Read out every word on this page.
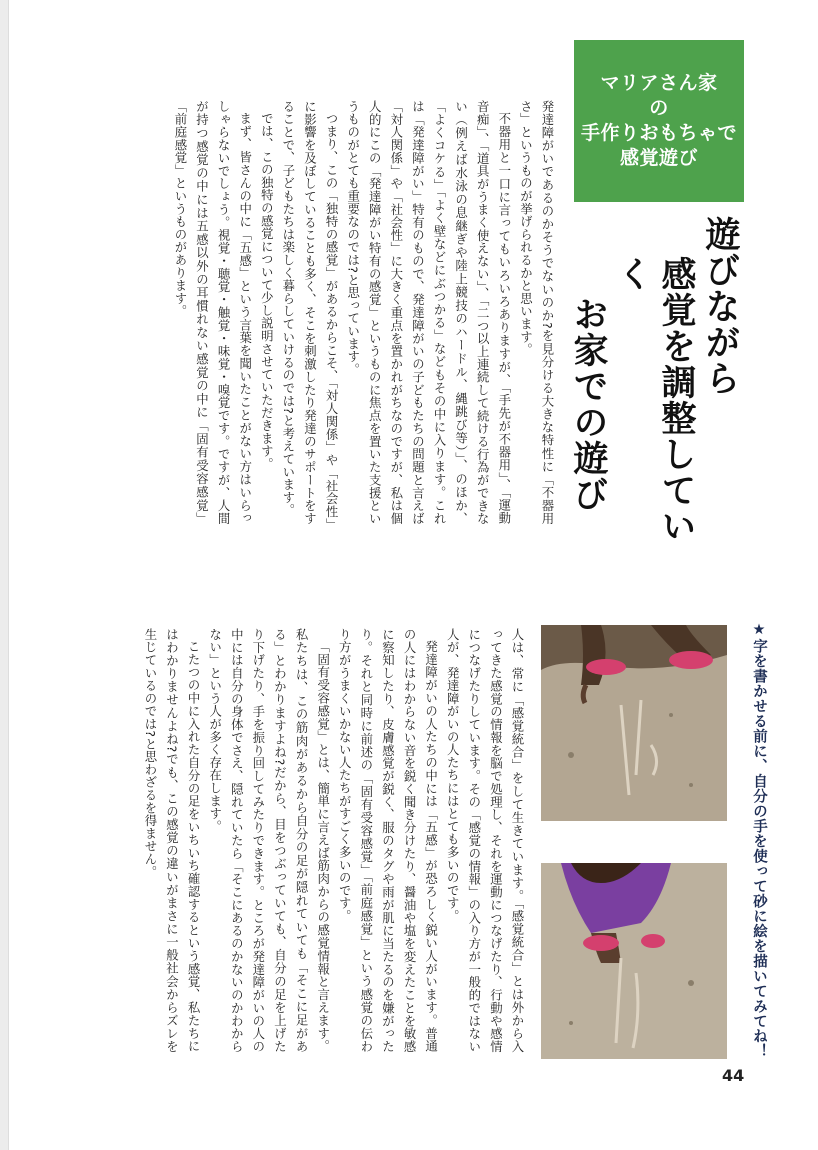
マリアさん家
の
手作りおもちゃで
感覚遊び

遊びながら

感覚を調整していく

お家での遊び

発達障がいであるのかそうでないのか?を見分ける大きな特性に「不器用さ」というものが挙げられるかと思います。

不器用と一口に言ってもいろいろありますが、「手先が不器用」、「運動音痴」、「道具がうまく使えない」、「二つ以上連続して続ける行為ができない（例えば水泳の息継ぎや陸上競技のハードル、縄跳び等）」、のほか、「よくコケる」「よく壁などにぶつかる」などもその中に入ります。これは「発達障がい」特有のもので、発達障がいの子どもたちの問題と言えば「対人関係」や「社会性」に大きく重点を置かれがちなのですが、私は個人的にこの「発達障がい特有の感覚」というものに焦点を置いた支援というものがとても重要なのでは?と思っています。

つまり、この「独特の感覚」があるからこそ、「対人関係」や「社会性」に影響を及ぼしていることも多く、そこを刺激したり発達のサポートをすることで、子どもたちは楽しく暮らしていけるのでは?と考えています。

では、この独特の感覚について少し説明させていただきます。

まず、皆さんの中に「五感」という言葉を聞いたことがない方はいらっしゃらないでしょう。視覚・聴覚・触覚・味覚・嗅覚です。ですが、人間が持つ感覚の中には五感以外の耳慣れない感覚の中に「固有受容感覚」「前庭感覚」というものがあります。

人は、常に「感覚統合」をして生きています。「感覚統合」とは外から入ってきた感覚の情報を脳で処理し、それを運動につなげたり、行動や感情につなげたりしています。その「感覚の情報」の入り方が一般的ではない人が、発達障がいの人たちにはとても多いのです。

発達障がいの人たちの中には「五感」が恐ろしく鋭い人がいます。普通の人にはわからない音を鋭く聞き分けたり、醤油や塩を変えたことを敏感に察知したり、皮膚感覚が鋭く、服のタグや雨が肌に当たるのを嫌がったり。それと同時に前述の「固有受容感覚」「前庭感覚」という感覚の伝わり方がうまくいかない人たちがすごく多いのです。

「固有受容感覚」とは、簡単に言えば筋肉からの感覚情報と言えます。私たちは、この筋肉があるから自分の足が隠れていても「そこに足がある」とわかりますよね?だから、目をつぶっていても、自分の足を上げたり下げたり、手を振り回してみたりできます。ところが発達障がいの人の中には自分の身体でさえ、隠れていたら「そこにあるのかないのかわからない」という人が多く存在します。

こたつの中に入れた自分の足をいちいち確認するという感覚、私たちにはわかりませんよね?でも、この感覚の違いがまさに一般社会からズレを生じているのでは?と思わざるを得ません。	★字を書かせる前に、自分の手を使って砂に絵を描いてみてね！
44
